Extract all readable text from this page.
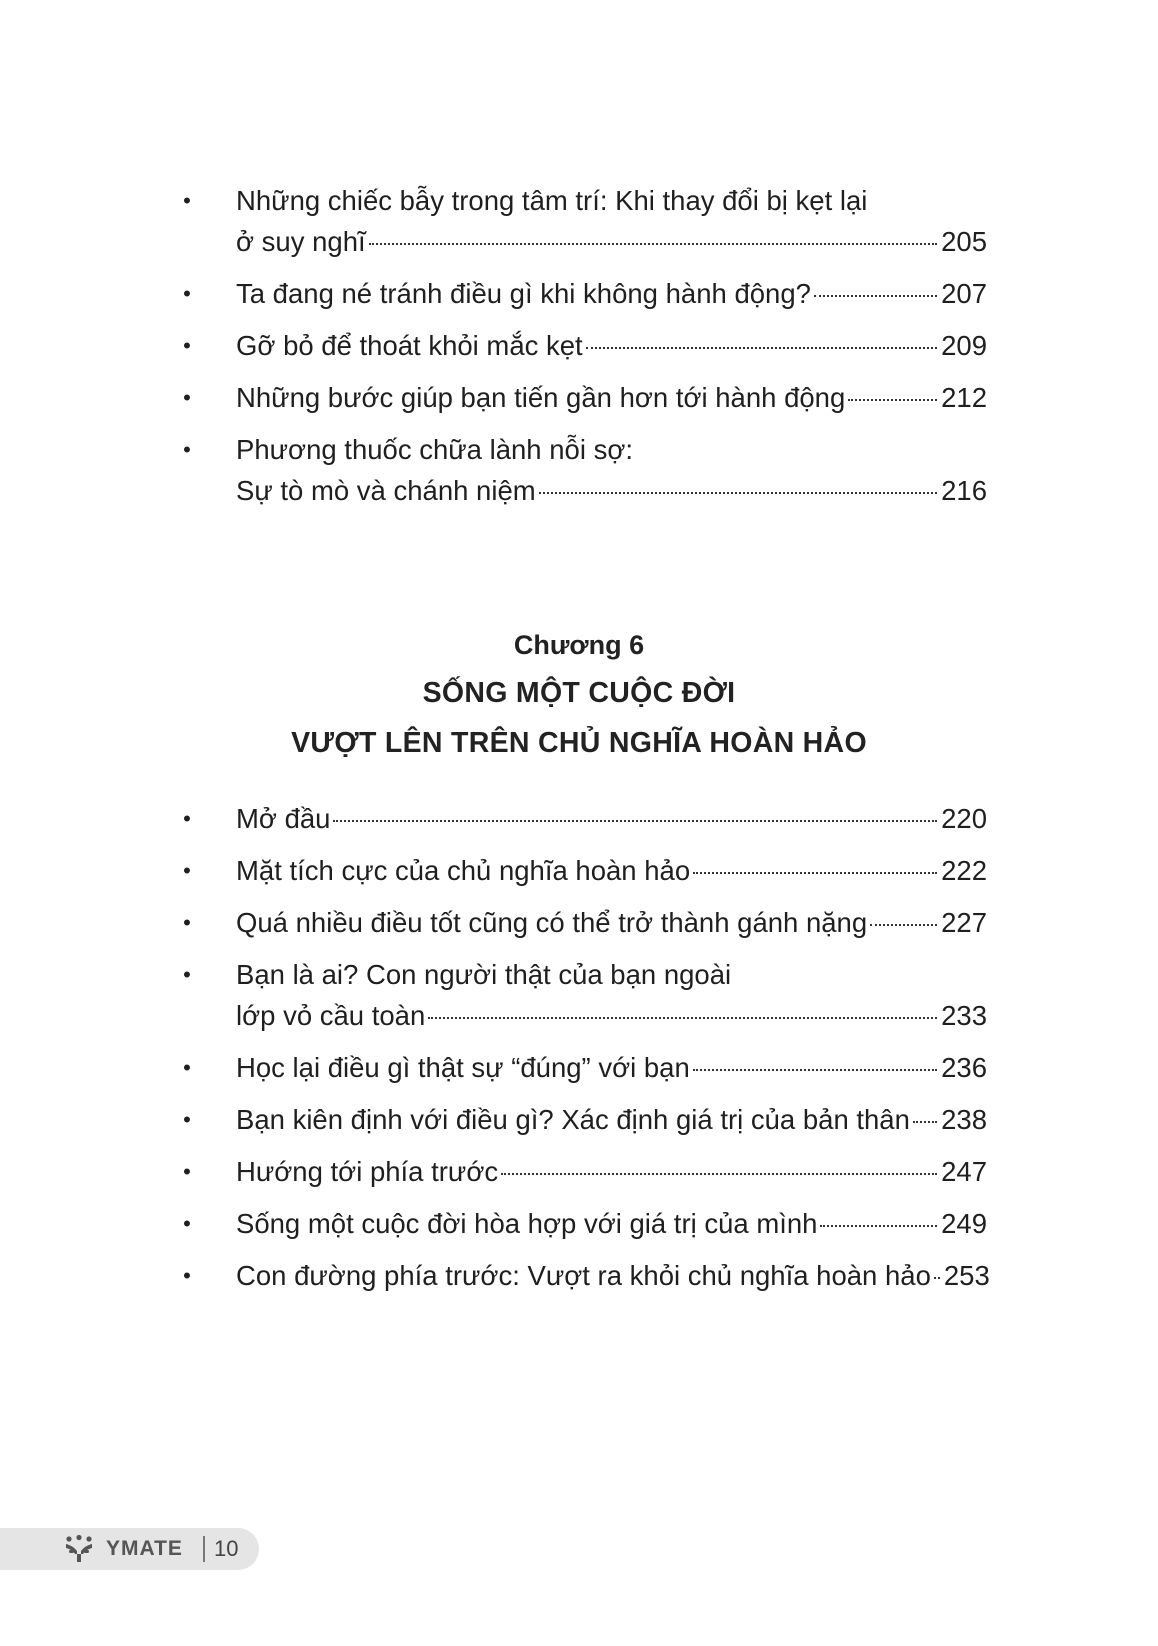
• Những chiếc bẫy trong tâm trí: Khi thay đổi bị kẹt lại
ở suy nghĩ	205
• Ta đang né tránh điều gì khi không hành động?	207
• Gỡ bỏ để thoát khỏi mắc kẹt	209
• Những bước giúp bạn tiến gần hơn tới hành động	212
• Phương thuốc chữa lành nỗi sợ:
Sự tò mò và chánh niệm	216
Chương 6
SỐNG MỘT CUỘC ĐỜI
VƯỢT LÊN TRÊN CHỦ NGHĨA HOÀN HẢO
• Mở đầu	220
• Mặt tích cực của chủ nghĩa hoàn hảo	222
• Quá nhiều điều tốt cũng có thể trở thành gánh nặng	227
• Bạn là ai? Con người thật của bạn ngoài
lớp vỏ cầu toàn	233
• Học lại điều gì thật sự “đúng” với bạn	236
• Bạn kiên định với điều gì? Xác định giá trị của bản thân 238
• Hướng tới phía trước	247
• Sống một cuộc đời hòa hợp với giá trị của mình	249
• Con đường phía trước: Vượt ra khỏi chủ nghĩa hoàn hảo 253
YMATE 10
